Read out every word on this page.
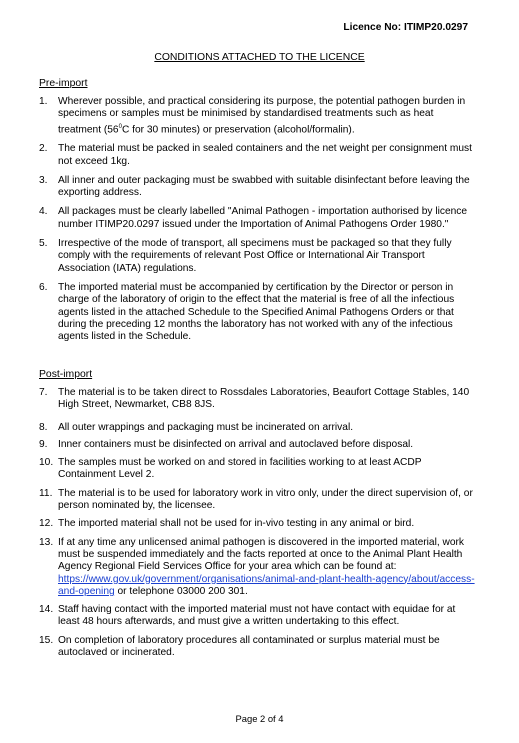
Licence No: ITIMP20.0297
CONDITIONS ATTACHED TO THE LICENCE
Pre-import
1. Wherever possible, and practical considering its purpose, the potential pathogen burden in specimens or samples must be minimised by standardised treatments such as heat treatment ($56^0C$ for 30 minutes) or preservation (alcohol/formalin).
2. The material must be packed in sealed containers and the net weight per consignment must not exceed 1kg.
3. All inner and outer packaging must be swabbed with suitable disinfectant before leaving the exporting address.
4. All packages must be clearly labelled "Animal Pathogen - importation authorised by licence number ITIMP20.0297 issued under the Importation of Animal Pathogens Order 1980."
5. Irrespective of the mode of transport, all specimens must be packaged so that they fully comply with the requirements of relevant Post Office or International Air Transport Association (IATA) regulations.
6. The imported material must be accompanied by certification by the Director or person in charge of the laboratory of origin to the effect that the material is free of all the infectious agents listed in the attached Schedule to the Specified Animal Pathogens Orders or that during the preceding 12 months the laboratory has not worked with any of the infectious agents listed in the Schedule.
Post-import
7. The material is to be taken direct to Rossdales Laboratories, Beaufort Cottage Stables, 140 High Street, Newmarket, CB8 8JS.
8. All outer wrappings and packaging must be incinerated on arrival.
9. Inner containers must be disinfected on arrival and autoclaved before disposal.
10. The samples must be worked on and stored in facilities working to at least ACDP Containment Level 2.
11. The material is to be used for laboratory work in vitro only, under the direct supervision of, or person nominated by, the licensee.
12. The imported material shall not be used for in-vivo testing in any animal or bird.
13. If at any time any unlicensed animal pathogen is discovered in the imported material, work must be suspended immediately and the facts reported at once to the Animal Plant Health Agency Regional Field Services Office for your area which can be found at: https://www.gov.uk/government/organisations/animal-and-plant-health-agency/about/access-and-opening or telephone 03000 200 301.
14. Staff having contact with the imported material must not have contact with equidae for at least 48 hours afterwards, and must give a written undertaking to this effect.
15. On completion of laboratory procedures all contaminated or surplus material must be autoclaved or incinerated.
Page 2 of 4
